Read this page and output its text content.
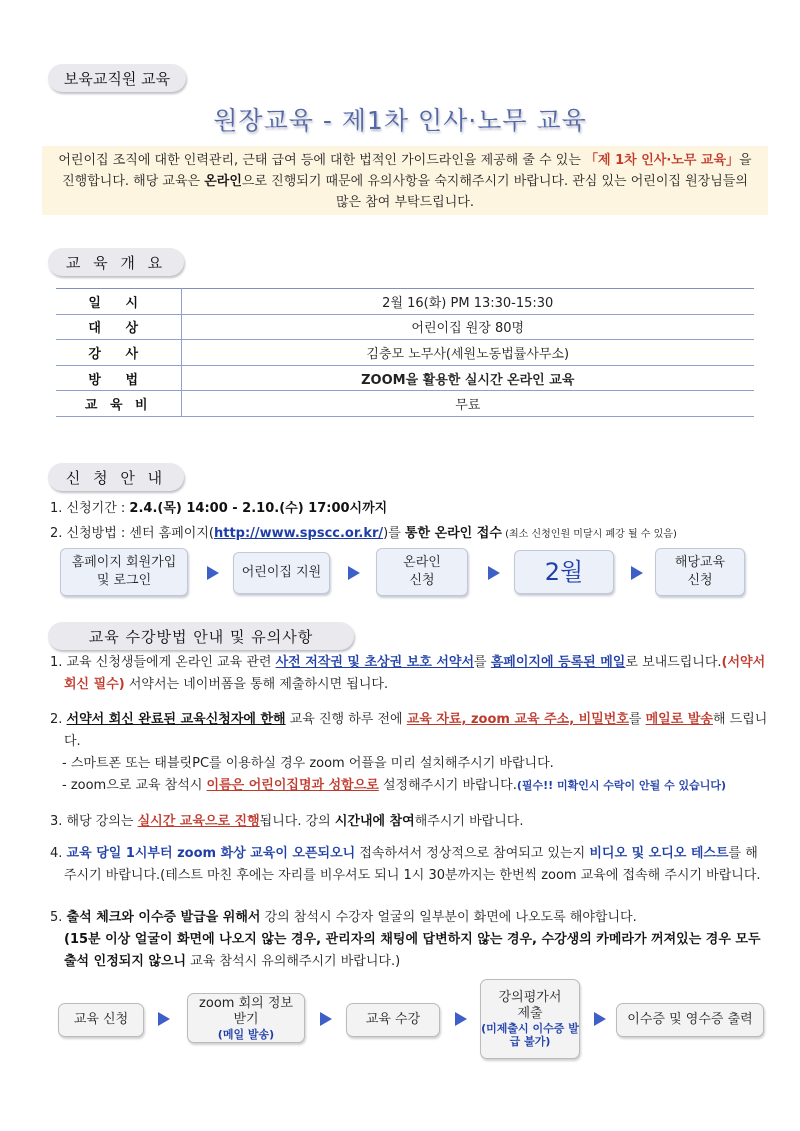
보육교직원 교육
원장교육 - 제1차 인사·노무 교육
어린이집 조직에 대한 인력관리, 근태 급여 등에 대한 법적인 가이드라인을 제공해 줄 수 있는 「제 1차 인사·노무 교육」을 진행합니다. 해당 교육은 온라인으로 진행되기 때문에 유의사항을 숙지해주시기 바랍니다. 관심 있는 어린이집 원장님들의 많은 참여 부탁드립니다.
교 육 개 요
일 시	2월 16(화) PM 13:30-15:30
대 상	어린이집 원장 80명
강 사	김충모 노무사(세원노동법률사무소)
방 법	ZOOM을 활용한 실시간 온라인 교육
교 육 비	무료
신 청 안 내
1. 신청기간 : 2.4.(목) 14:00 - 2.10.(수) 17:00시까지
2. 신청방법 : 센터 홈페이지(http://www.spscc.or.kr/)를 통한 온라인 접수 (최소 신청인원 미달시 폐강 될 수 있음)
홈페이지 회원가입
및 로그인
어린이집 지원
온라인
신청	2월	해당교육
신청
교육 수강방법 안내 및 유의사항
1. 교육 신청생들에게 온라인 교육 관련 사전 저작권 및 초상권 보호 서약서를 홈페이지에 등록된 메일로 보내드립니다.(서약서회신 필수) 서약서는 네이버폼을 통해 제출하시면 됩니다.
2. 서약서 회신 완료된 교육신청자에 한해 교육 진행 하루 전에 교육 자료, zoom 교육 주소, 비밀번호를 메일로 발송해 드립니다.
- 스마트폰 또는 태블릿PC를 이용하실 경우 zoom 어플을 미리 설치해주시기 바랍니다.
- zoom으로 교육 참석시 이름은 어린이집명과 성함으로 설정해주시기 바랍니다.(필수!! 미확인시 수락이 안될 수 있습니다)
3. 해당 강의는 실시간 교육으로 진행됩니다. 강의 시간내에 참여해주시기 바랍니다.
4. 교육 당일 1시부터 zoom 화상 교육이 오픈되오니 접속하셔서 정상적으로 참여되고 있는지 비디오 및 오디오 테스트를 해주시기 바랍니다.(테스트 마친 후에는 자리를 비우셔도 되니 1시 30분까지는 한번씩 zoom 교육에 접속해 주시기 바랍니다.
5. 출석 체크와 이수증 발급을 위해서 강의 참석시 수강자 얼굴의 일부분이 화면에 나오도록 해야합니다.
(15분 이상 얼굴이 화면에 나오지 않는 경우, 관리자의 채팅에 답변하지 않는 경우, 수강생의 카메라가 꺼져있는 경우 모두 출석 인정되지 않으니 교육 참석시 유의해주시기 바랍니다.)
교육 신청
zoom 회의 정보
받기
(메일 발송)
교육 수강
강의평가서
제출
(미제출시 이수증 발급 불가)
이수증 및 영수증 출력
